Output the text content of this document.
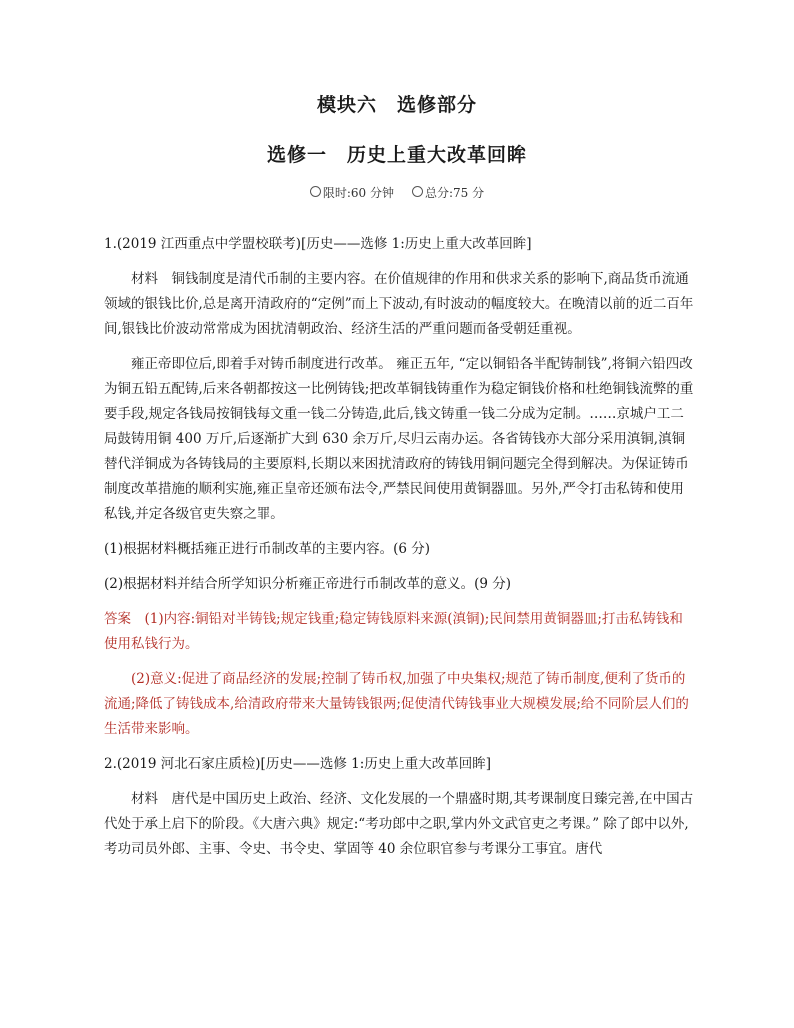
模块六　选修部分
选修一　历史上重大改革回眸
限时:60 分钟	总分:75 分

1.(2019 江西重点中学盟校联考)[历史——选修 1:历史上重大改革回眸]

材料　铜钱制度是清代币制的主要内容。在价值规律的作用和供求关系的影响下,商品货币流通领域的银钱比价,总是离开清政府的“定例”而上下波动,有时波动的幅度较大。在晚清以前的近二百年间,银钱比价波动常常成为困扰清朝政治、经济生活的严重问题而备受朝廷重视。

雍正帝即位后,即着手对铸币制度进行改革。 雍正五年, “定以铜铅各半配铸制钱”,将铜六铅四改为铜五铅五配铸,后来各朝都按这一比例铸钱;把改革铜钱铸重作为稳定铜钱价格和杜绝铜钱流弊的重要手段,规定各钱局按铜钱每文重一钱二分铸造,此后,钱文铸重一钱二分成为定制。……京城户工二局鼓铸用铜 400 万斤,后逐渐扩大到 630 余万斤,尽归云南办运。各省铸钱亦大部分采用滇铜,滇铜替代洋铜成为各铸钱局的主要原料,长期以来困扰清政府的铸钱用铜问题完全得到解决。为保证铸币制度改革措施的顺利实施,雍正皇帝还颁布法令,严禁民间使用黄铜器皿。另外,严令打击私铸和使用私钱,并定各级官吏失察之罪。

(1)根据材料概括雍正进行币制改革的主要内容。(6 分)

(2)根据材料并结合所学知识分析雍正帝进行币制改革的意义。(9 分)

答案　(1)内容:铜铅对半铸钱;规定钱重;稳定铸钱原料来源(滇铜);民间禁用黄铜器皿;打击私铸钱和使用私钱行为。

(2)意义:促进了商品经济的发展;控制了铸币权,加强了中央集权;规范了铸币制度,便利了货币的流通;降低了铸钱成本,给清政府带来大量铸钱银两;促使清代铸钱事业大规模发展;给不同阶层人们的生活带来影响。

2.(2019 河北石家庄质检)[历史——选修 1:历史上重大改革回眸]

材料　唐代是中国历史上政治、经济、文化发展的一个鼎盛时期,其考课制度日臻完善,在中国古代处于承上启下的阶段。《大唐六典》规定:“考功郎中之职,掌内外文武官吏之考课。” 除了郎中以外,考功司员外郎、主事、令史、书令史、掌固等 40 余位职官参与考课分工事宜。唐代
